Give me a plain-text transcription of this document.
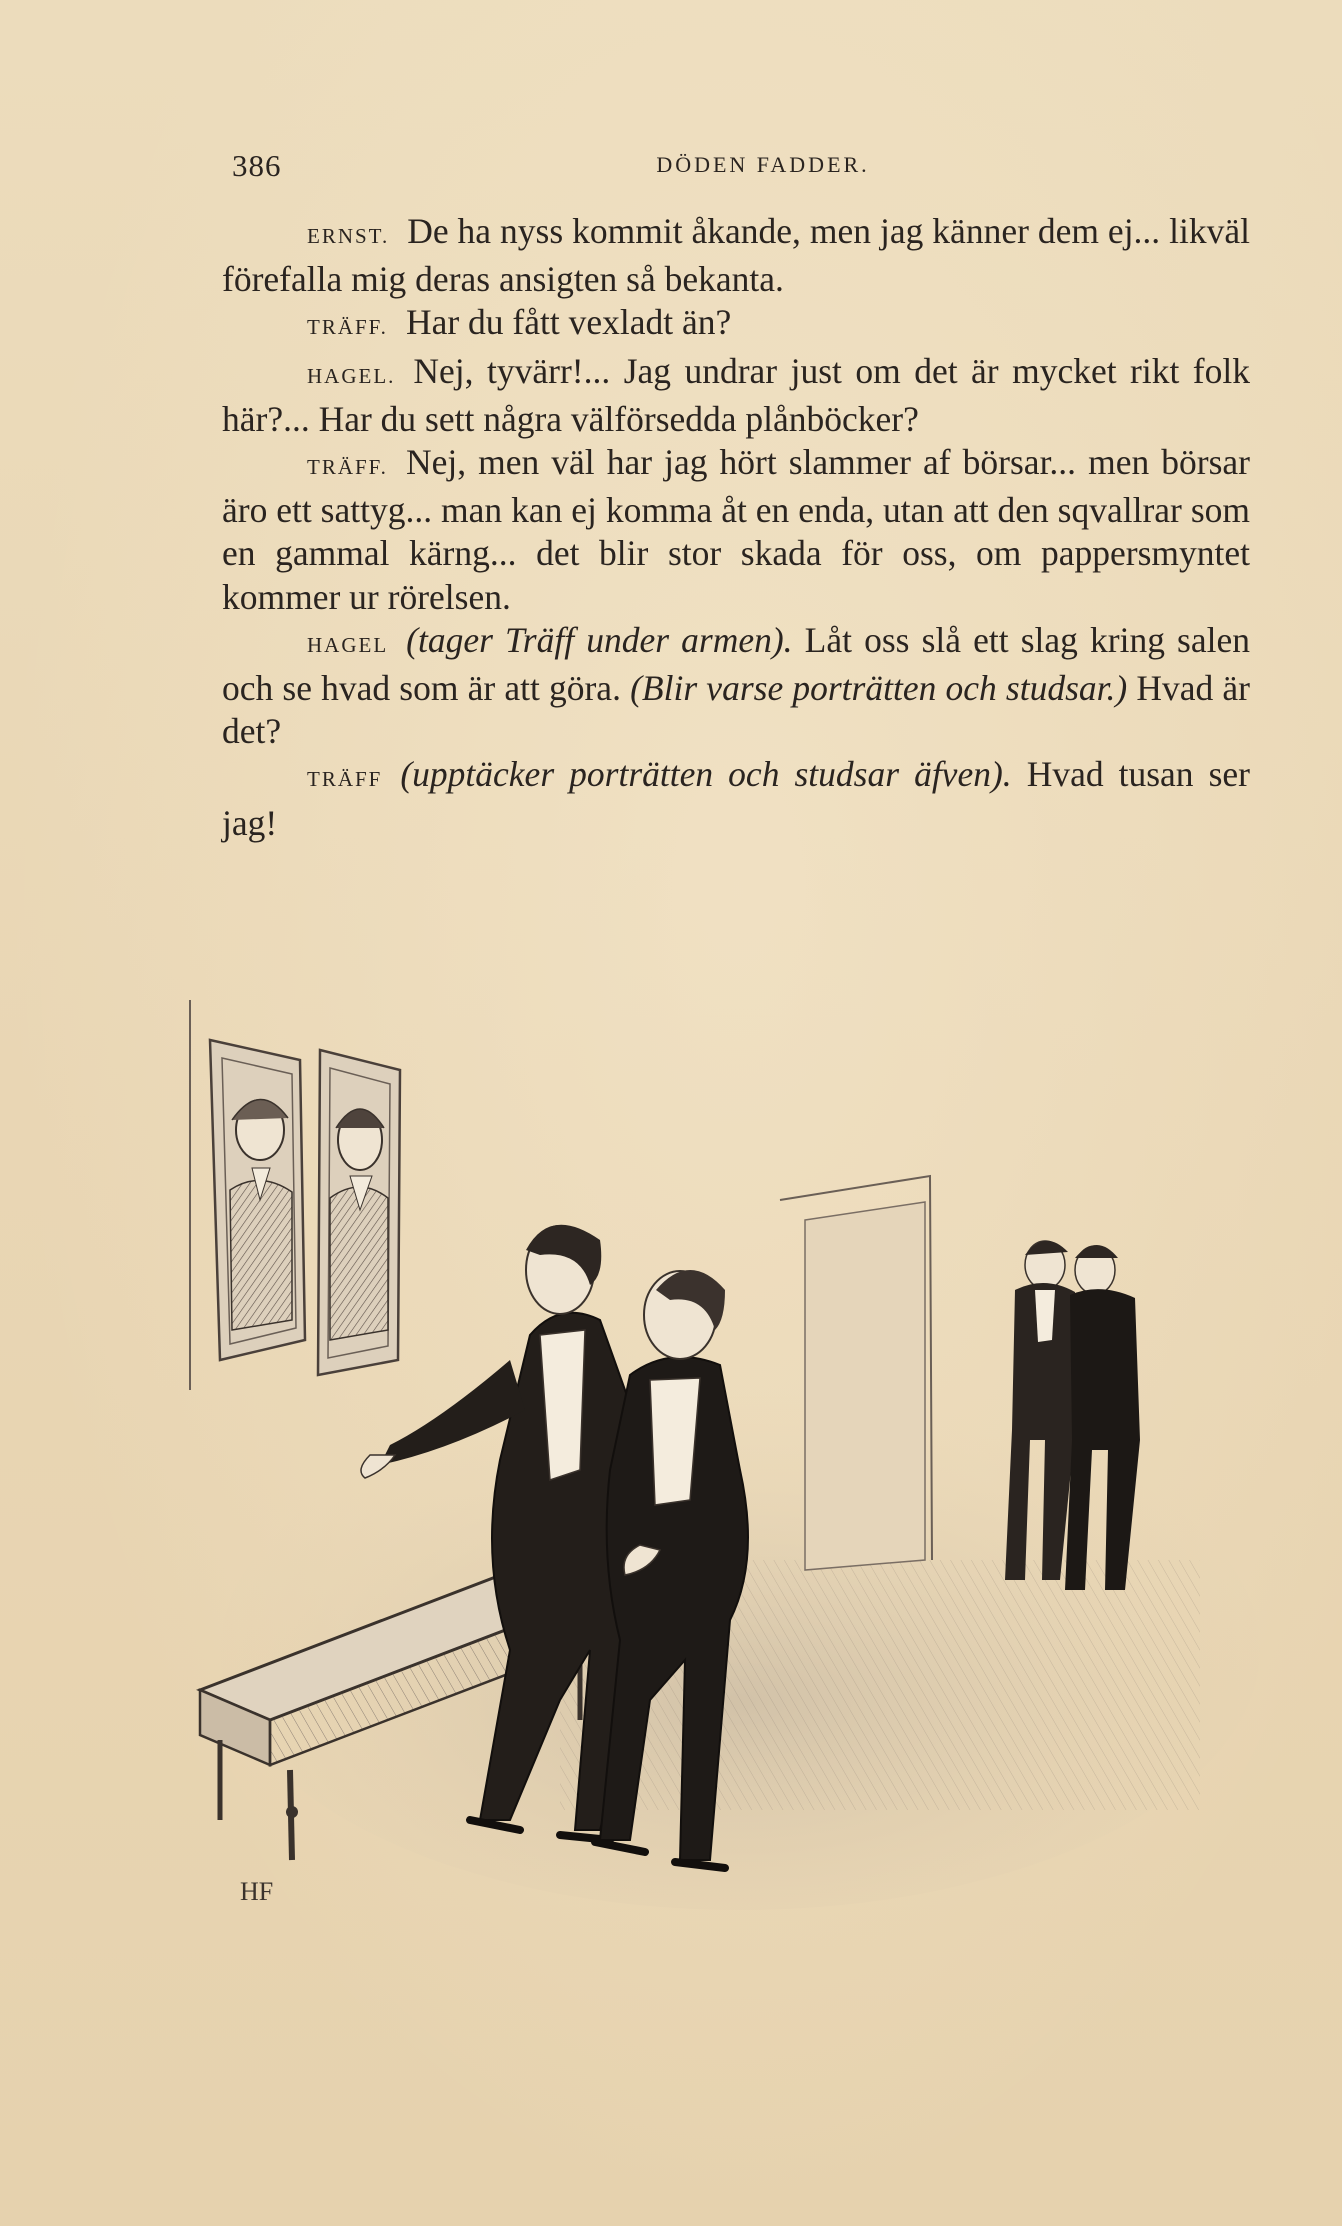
386	DÖDEN FADDER.

ERNST. De ha nyss kommit åkande, men jag känner dem ej... likväl förefalla mig deras ansigten så bekanta.

TRÄFF. Har du fått vexladt än?

HAGEL. Nej, tyvärr!... Jag undrar just om det är mycket rikt folk här?... Har du sett några välförsedda plånböcker?

TRÄFF. Nej, men väl har jag hört slammer af börsar... men börsar äro ett sattyg... man kan ej komma åt en enda, utan att den sqvallrar som en gammal kärng... det blir stor skada för oss, om pappersmyntet kommer ur rörelsen.

HAGEL (tager Träff under armen). Låt oss slå ett slag kring salen och se hvad som är att göra. (Blir varse porträtten och studsar.) Hvad är det?

TRÄFF (upptäcker porträtten och studsar äfven). Hvad tusan ser jag!

HF
